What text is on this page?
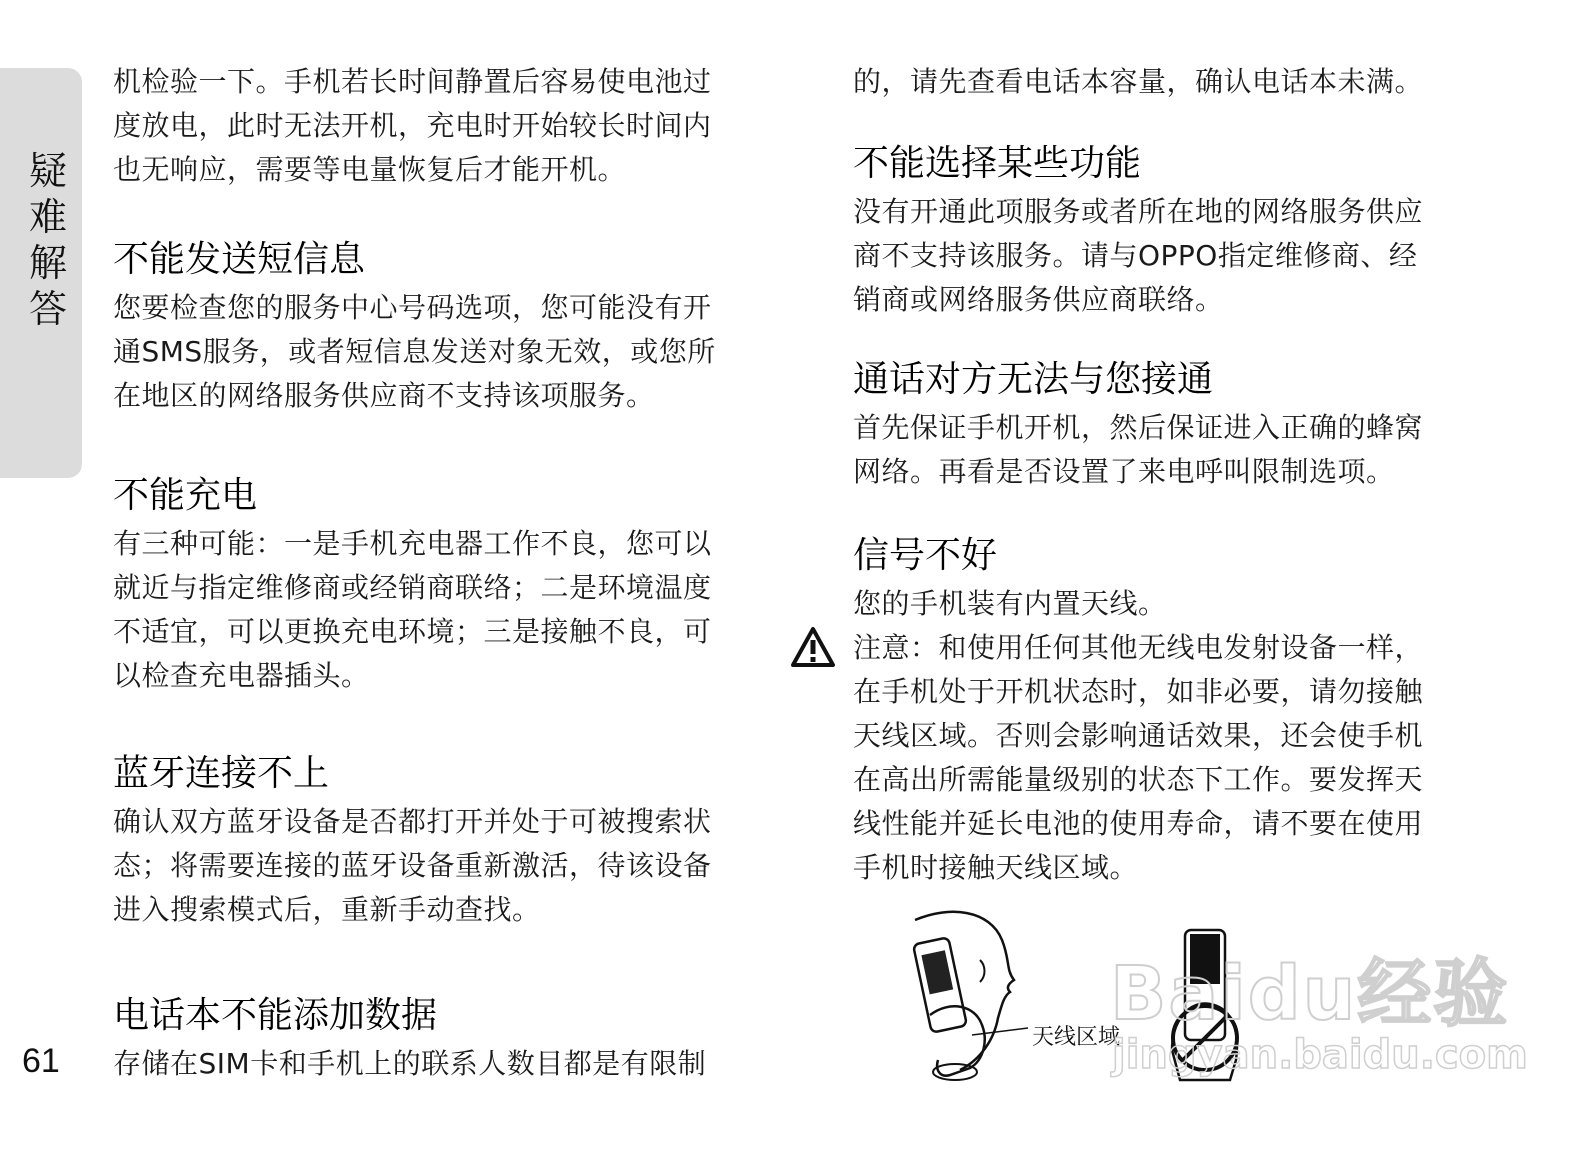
疑
难
解
答
61

机检验一下。手机若长时间静置后容易使电池过
度放电，此时无法开机，充电时开始较长时间内
也无响应，需要等电量恢复后才能开机。

不能发送短信息

您要检查您的服务中心号码选项，您可能没有开
通SMS服务，或者短信息发送对象无效，或您所
在地区的网络服务供应商不支持该项服务。

不能充电

有三种可能：一是手机充电器工作不良，您可以
就近与指定维修商或经销商联络；二是环境温度
不适宜，可以更换充电环境；三是接触不良，可
以检查充电器插头。

蓝牙连接不上

确认双方蓝牙设备是否都打开并处于可被搜索状
态；将需要连接的蓝牙设备重新激活，待该设备
进入搜索模式后，重新手动查找。

电话本不能添加数据

存储在SIM卡和手机上的联系人数目都是有限制

的，请先查看电话本容量，确认电话本未满。

不能选择某些功能

没有开通此项服务或者所在地的网络服务供应
商不支持该服务。请与OPPO指定维修商、经
销商或网络服务供应商联络。

通话对方无法与您接通

首先保证手机开机，然后保证进入正确的蜂窝
网络。再看是否设置了来电呼叫限制选项。

信号不好

您的手机装有内置天线。

注意：和使用任何其他无线电发射设备一样，
在手机处于开机状态时，如非必要，请勿接触
天线区域。否则会影响通话效果，还会使手机
在高出所需能量级别的状态下工作。要发挥天
线性能并延长电池的使用寿命，请不要在使用
手机时接触天线区域。

天线区域
Baidu经验
jingyan.baidu.com
